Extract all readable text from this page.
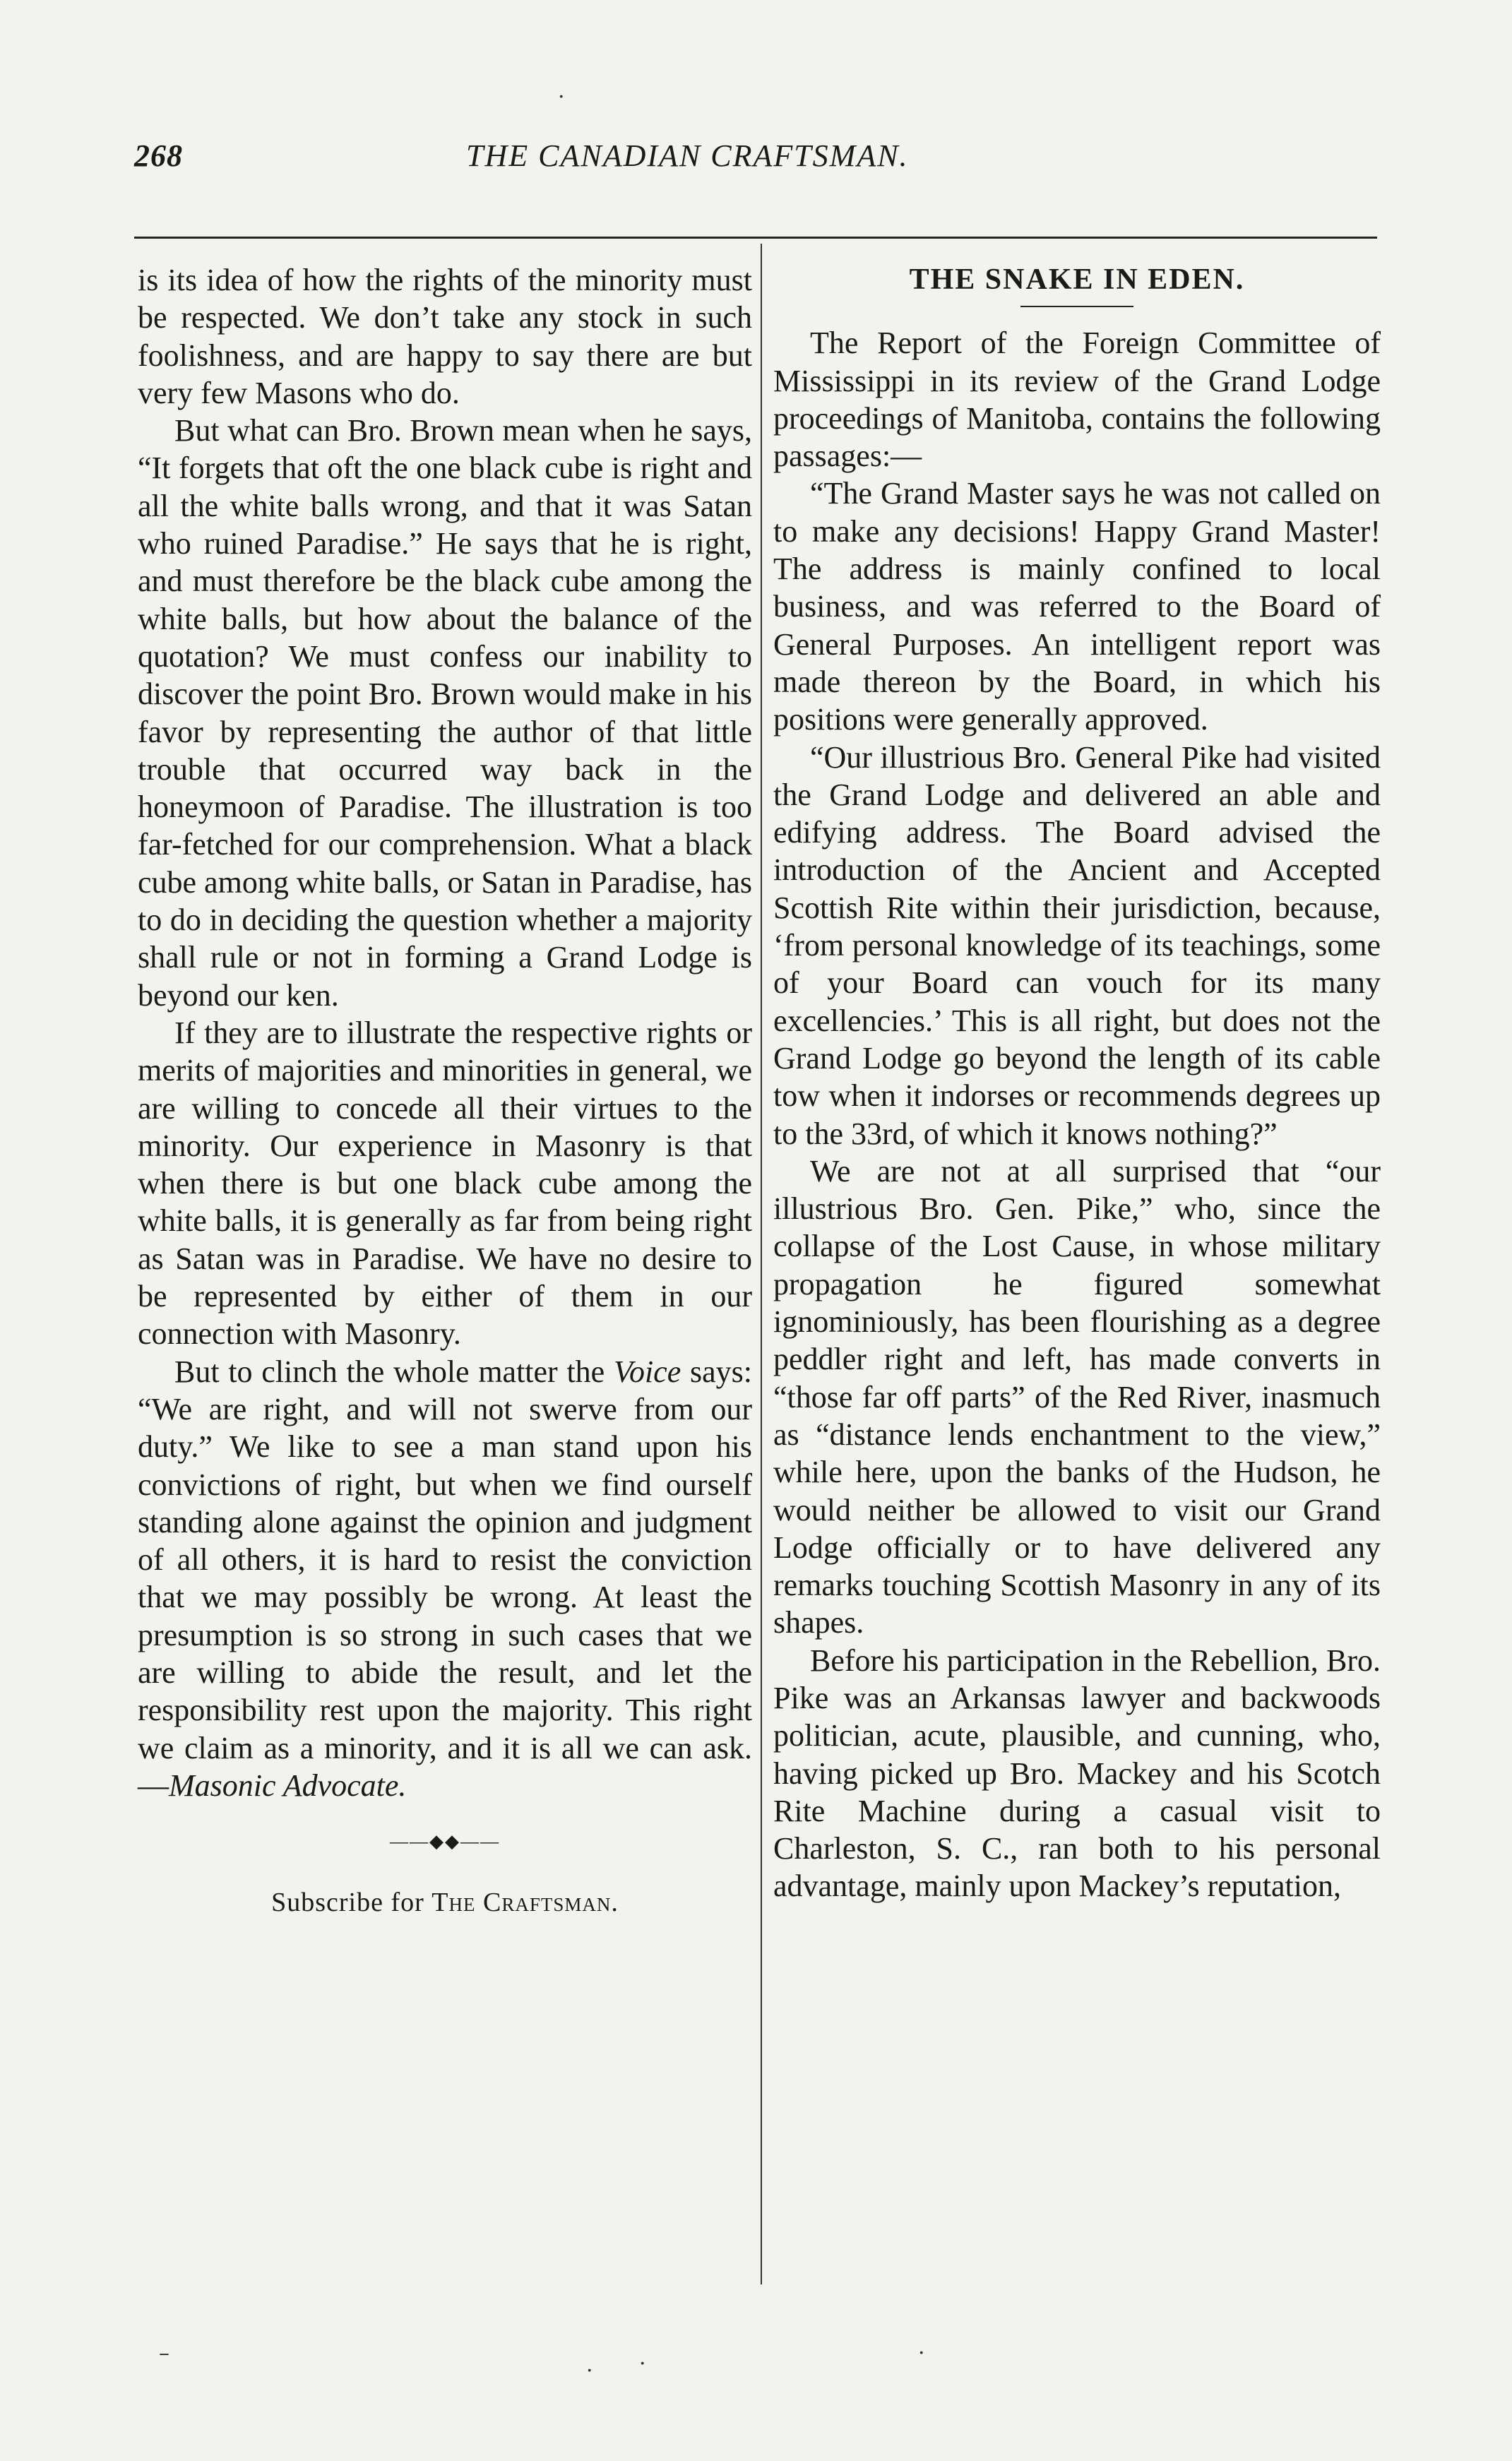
268	THE CANADIAN CRAFTSMAN.

is its idea of how the rights of the minority must be respected. We don’t take any stock in such foolishness, and are happy to say there are but very few Masons who do.

But what can Bro. Brown mean when he says, “It forgets that oft the one black cube is right and all the white balls wrong, and that it was Satan who ruined Paradise.” He says that he is right, and must therefore be the black cube among the white balls, but how about the balance of the quotation? We must confess our inability to discover the point Bro. Brown would make in his favor by representing the author of that little trouble that occurred way back in the honeymoon of Paradise. The illustration is too far-fetched for our comprehension. What a black cube among white balls, or Satan in Paradise, has to do in deciding the question whether a majority shall rule or not in forming a Grand Lodge is beyond our ken.

If they are to illustrate the respective rights or merits of majorities and minorities in general, we are willing to concede all their virtues to the minority. Our experience in Masonry is that when there is but one black cube among the white balls, it is generally as far from being right as Satan was in Paradise. We have no desire to be represented by either of them in our connection with Masonry.

But to clinch the whole matter the Voice says: “We are right, and will not swerve from our duty.” We like to see a man stand upon his convictions of right, but when we find ourself standing alone against the opinion and judgment of all others, it is hard to resist the conviction that we may possibly be wrong. At least the presumption is so strong in such cases that we are willing to abide the result, and let the responsibility rest upon the majority. This right we claim as a minority, and it is all we can ask.—Masonic Advocate.

——◆◆——
Subscribe for The Craftsman.
THE SNAKE IN EDEN.

The Report of the Foreign Committee of Mississippi in its review of the Grand Lodge proceedings of Manitoba, contains the following passages:—

“The Grand Master says he was not called on to make any decisions! Happy Grand Master! The address is mainly confined to local business, and was referred to the Board of General Purposes. An intelligent report was made thereon by the Board, in which his positions were generally approved.

“Our illustrious Bro. General Pike had visited the Grand Lodge and delivered an able and edifying address. The Board advised the introduction of the Ancient and Accepted Scottish Rite within their jurisdiction, because, ‘from personal knowledge of its teachings, some of your Board can vouch for its many excellencies.’ This is all right, but does not the Grand Lodge go beyond the length of its cable tow when it indorses or recommends degrees up to the 33rd, of which it knows nothing?”

We are not at all surprised that “our illustrious Bro. Gen. Pike,” who, since the collapse of the Lost Cause, in whose military propagation he figured somewhat ignominiously, has been flourishing as a degree peddler right and left, has made converts in “those far off parts” of the Red River, inasmuch as “distance lends enchantment to the view,” while here, upon the banks of the Hudson, he would neither be allowed to visit our Grand Lodge officially or to have delivered any remarks touching Scottish Masonry in any of its shapes.

Before his participation in the Rebellion, Bro. Pike was an Arkansas lawyer and backwoods politician, acute, plausible, and cunning, who, having picked up Bro. Mackey and his Scotch Rite Machine during a casual visit to Charleston, S. C., ran both to his personal advantage, mainly upon Mackey’s reputation,

·
–
· ·	·
